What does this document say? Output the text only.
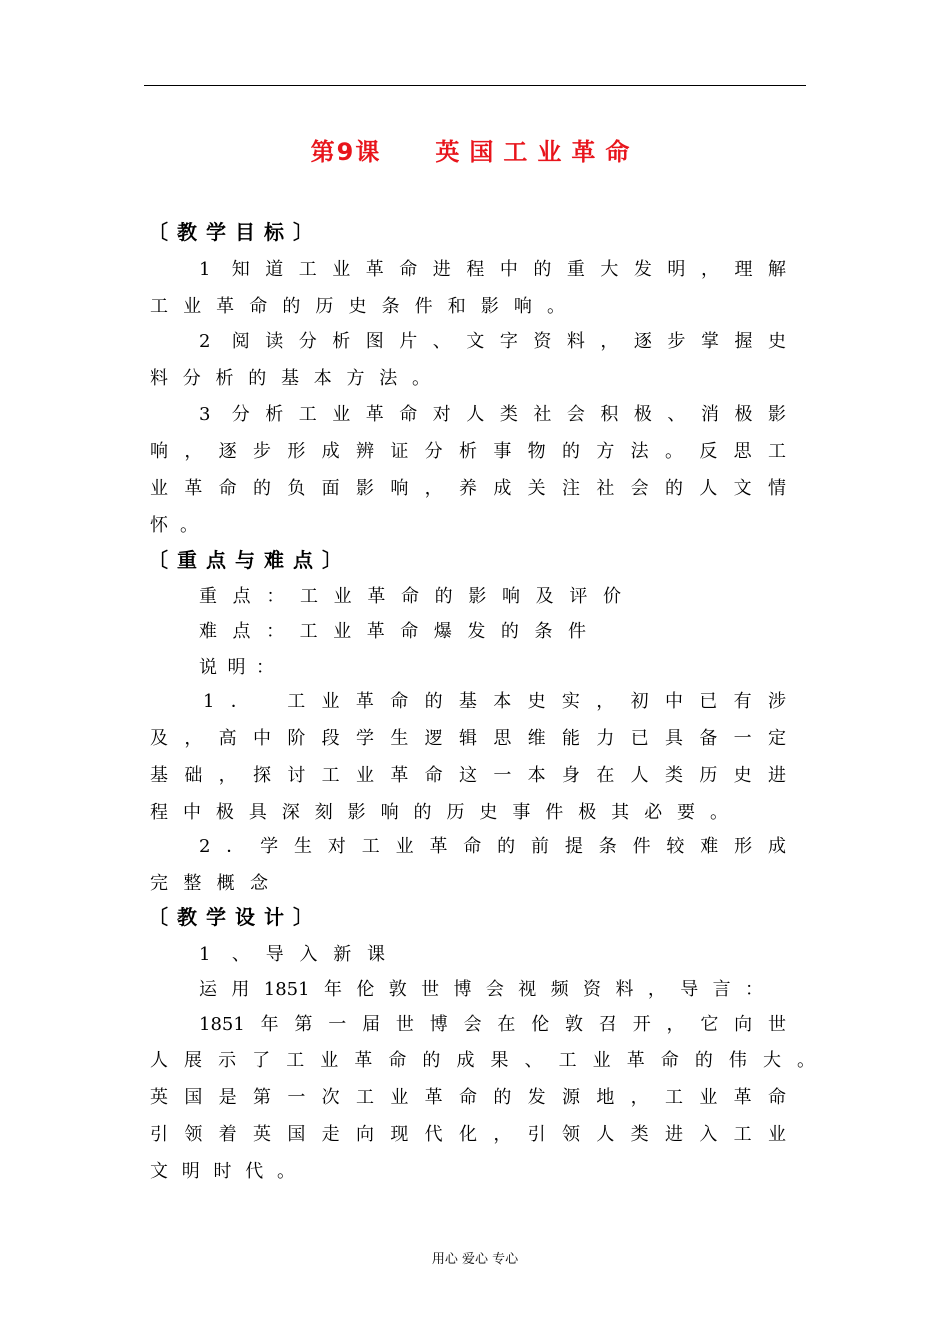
第9课 英国工业革命
〔教学目标〕
1 知道工业革命进程中的重大发明，理解
工业革命的历史条件和影响。
2 阅读分析图片、文字资料，逐步掌握史
料分析的基本方法。
3 分析工业革命对人类社会积极、消极影
响，逐步形成辨证分析事物的方法。反思工
业革命的负面影响，养成关注社会的人文情
怀。
〔重点与难点〕
重点：工业革命的影响及评价
难点：工业革命爆发的条件
说明：
1． 工业革命的基本史实，初中已有涉
及，高中阶段学生逻辑思维能力已具备一定
基础，探讨工业革命这一本身在人类历史进
程中极具深刻影响的历史事件极其必要。
2．学生对工业革命的前提条件较难形成
完整概念
〔教学设计〕
1 、导入新课
运用1851年伦敦世博会视频资料，导言：
1851年第一届世博会在伦敦召开，它向世
人展示了工业革命的成果、工业革命的伟大。
英国是第一次工业革命的发源地，工业革命
引领着英国走向现代化，引领人类进入工业
文明时代。
用心 爱心 专心
